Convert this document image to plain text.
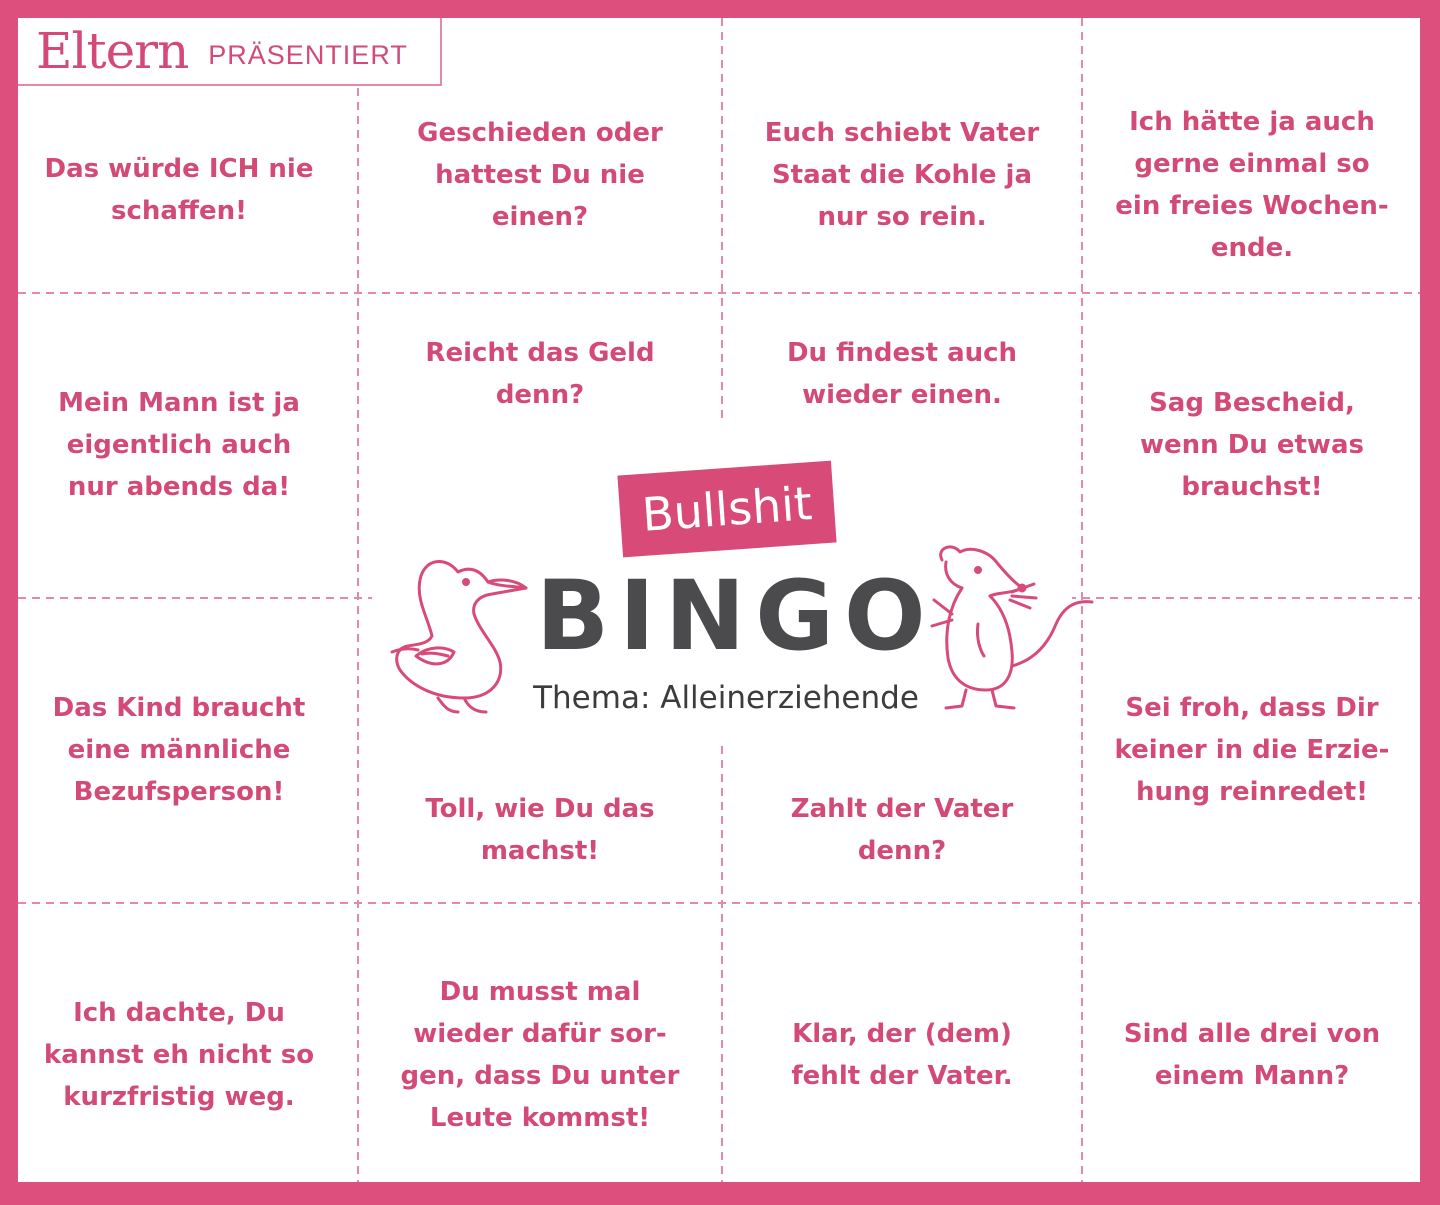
Eltern PRÄSENTIERT
Das würde ICH nie
schaffen!
Geschieden oder
hattest Du nie
einen?
Euch schiebt Vater
Staat die Kohle ja
nur so rein.
Ich hätte ja auch
gerne einmal so
ein freies Wochen-
ende.
Mein Mann ist ja
eigentlich auch
nur abends da!
Reicht das Geld
denn?
Du findest auch
wieder einen.	Sag Bescheid,
wenn Du etwas
brauchst!
Das Kind braucht
eine männliche
Bezufsperson!
Toll, wie Du das
machst!
Zahlt der Vater
denn?
Sei froh, dass Dir
keiner in die Erzie-
hung reinredet!
Ich dachte, Du
kannst eh nicht so
kurzfristig weg.
Du musst mal
wieder dafür sor-
gen, dass Du unter
Leute kommst!
Klar, der (dem)
fehlt der Vater.
Sind alle drei von
einem Mann?
Bullshit
BINGO
Thema: Alleinerziehende
